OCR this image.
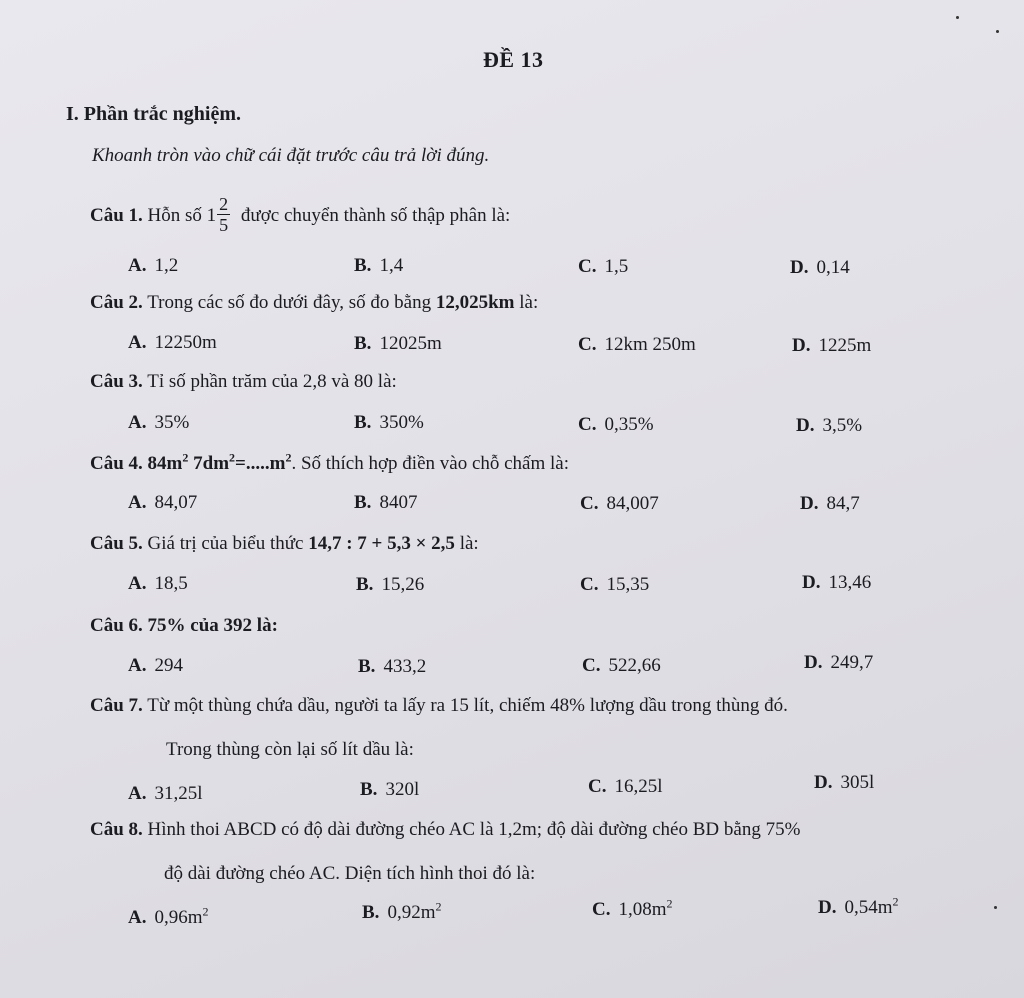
ĐỀ 13
I. Phần trắc nghiệm.
Khoanh tròn vào chữ cái đặt trước câu trả lời đúng.
Câu 1. Hỗn số $1 \frac{2}{5}$ được chuyển thành số thập phân là:
A. 1,2	B. 1,4	C. 1,5	D. 0,14
Câu 2. Trong các số đo dưới đây, số đo bằng 12,025km là:
A. 12250m	B. 12025m	C. 12km 250m	D. 1225m
Câu 3. Tỉ số phần trăm của 2,8 và 80 là:
A. 35%	B. 350%	C. 0,35%	D. 3,5%
Câu 4. $84m^2$ $7dm^2=.....m^2$. Số thích hợp điền vào chỗ chấm là:
A. 84,07	B. 8407	C. 84,007	D. 84,7
Câu 5. Giá trị của biểu thức 14,7 : 7 + 5,3 × 2,5 là:
A. 18,5	B. 15,26	C. 15,35	D. 13,46
Câu 6. 75% của 392 là:
A. 294	B. 433,2	C. 522,66	D. 249,7
Câu 7. Từ một thùng chứa dầu, người ta lấy ra 15 lít, chiếm 48% lượng dầu trong thùng đó.
Trong thùng còn lại số lít dầu là:
A. 31,25l	B. 320l	C. 16,25l	D. 305l
Câu 8. Hình thoi ABCD có độ dài đường chéo AC là 1,2m; độ dài đường chéo BD bằng 75%
độ dài đường chéo AC. Diện tích hình thoi đó là:
A. $0,96m^2$	B. $0,92m^2$	C. $1,08m^2$	D. $0,54m^2$
